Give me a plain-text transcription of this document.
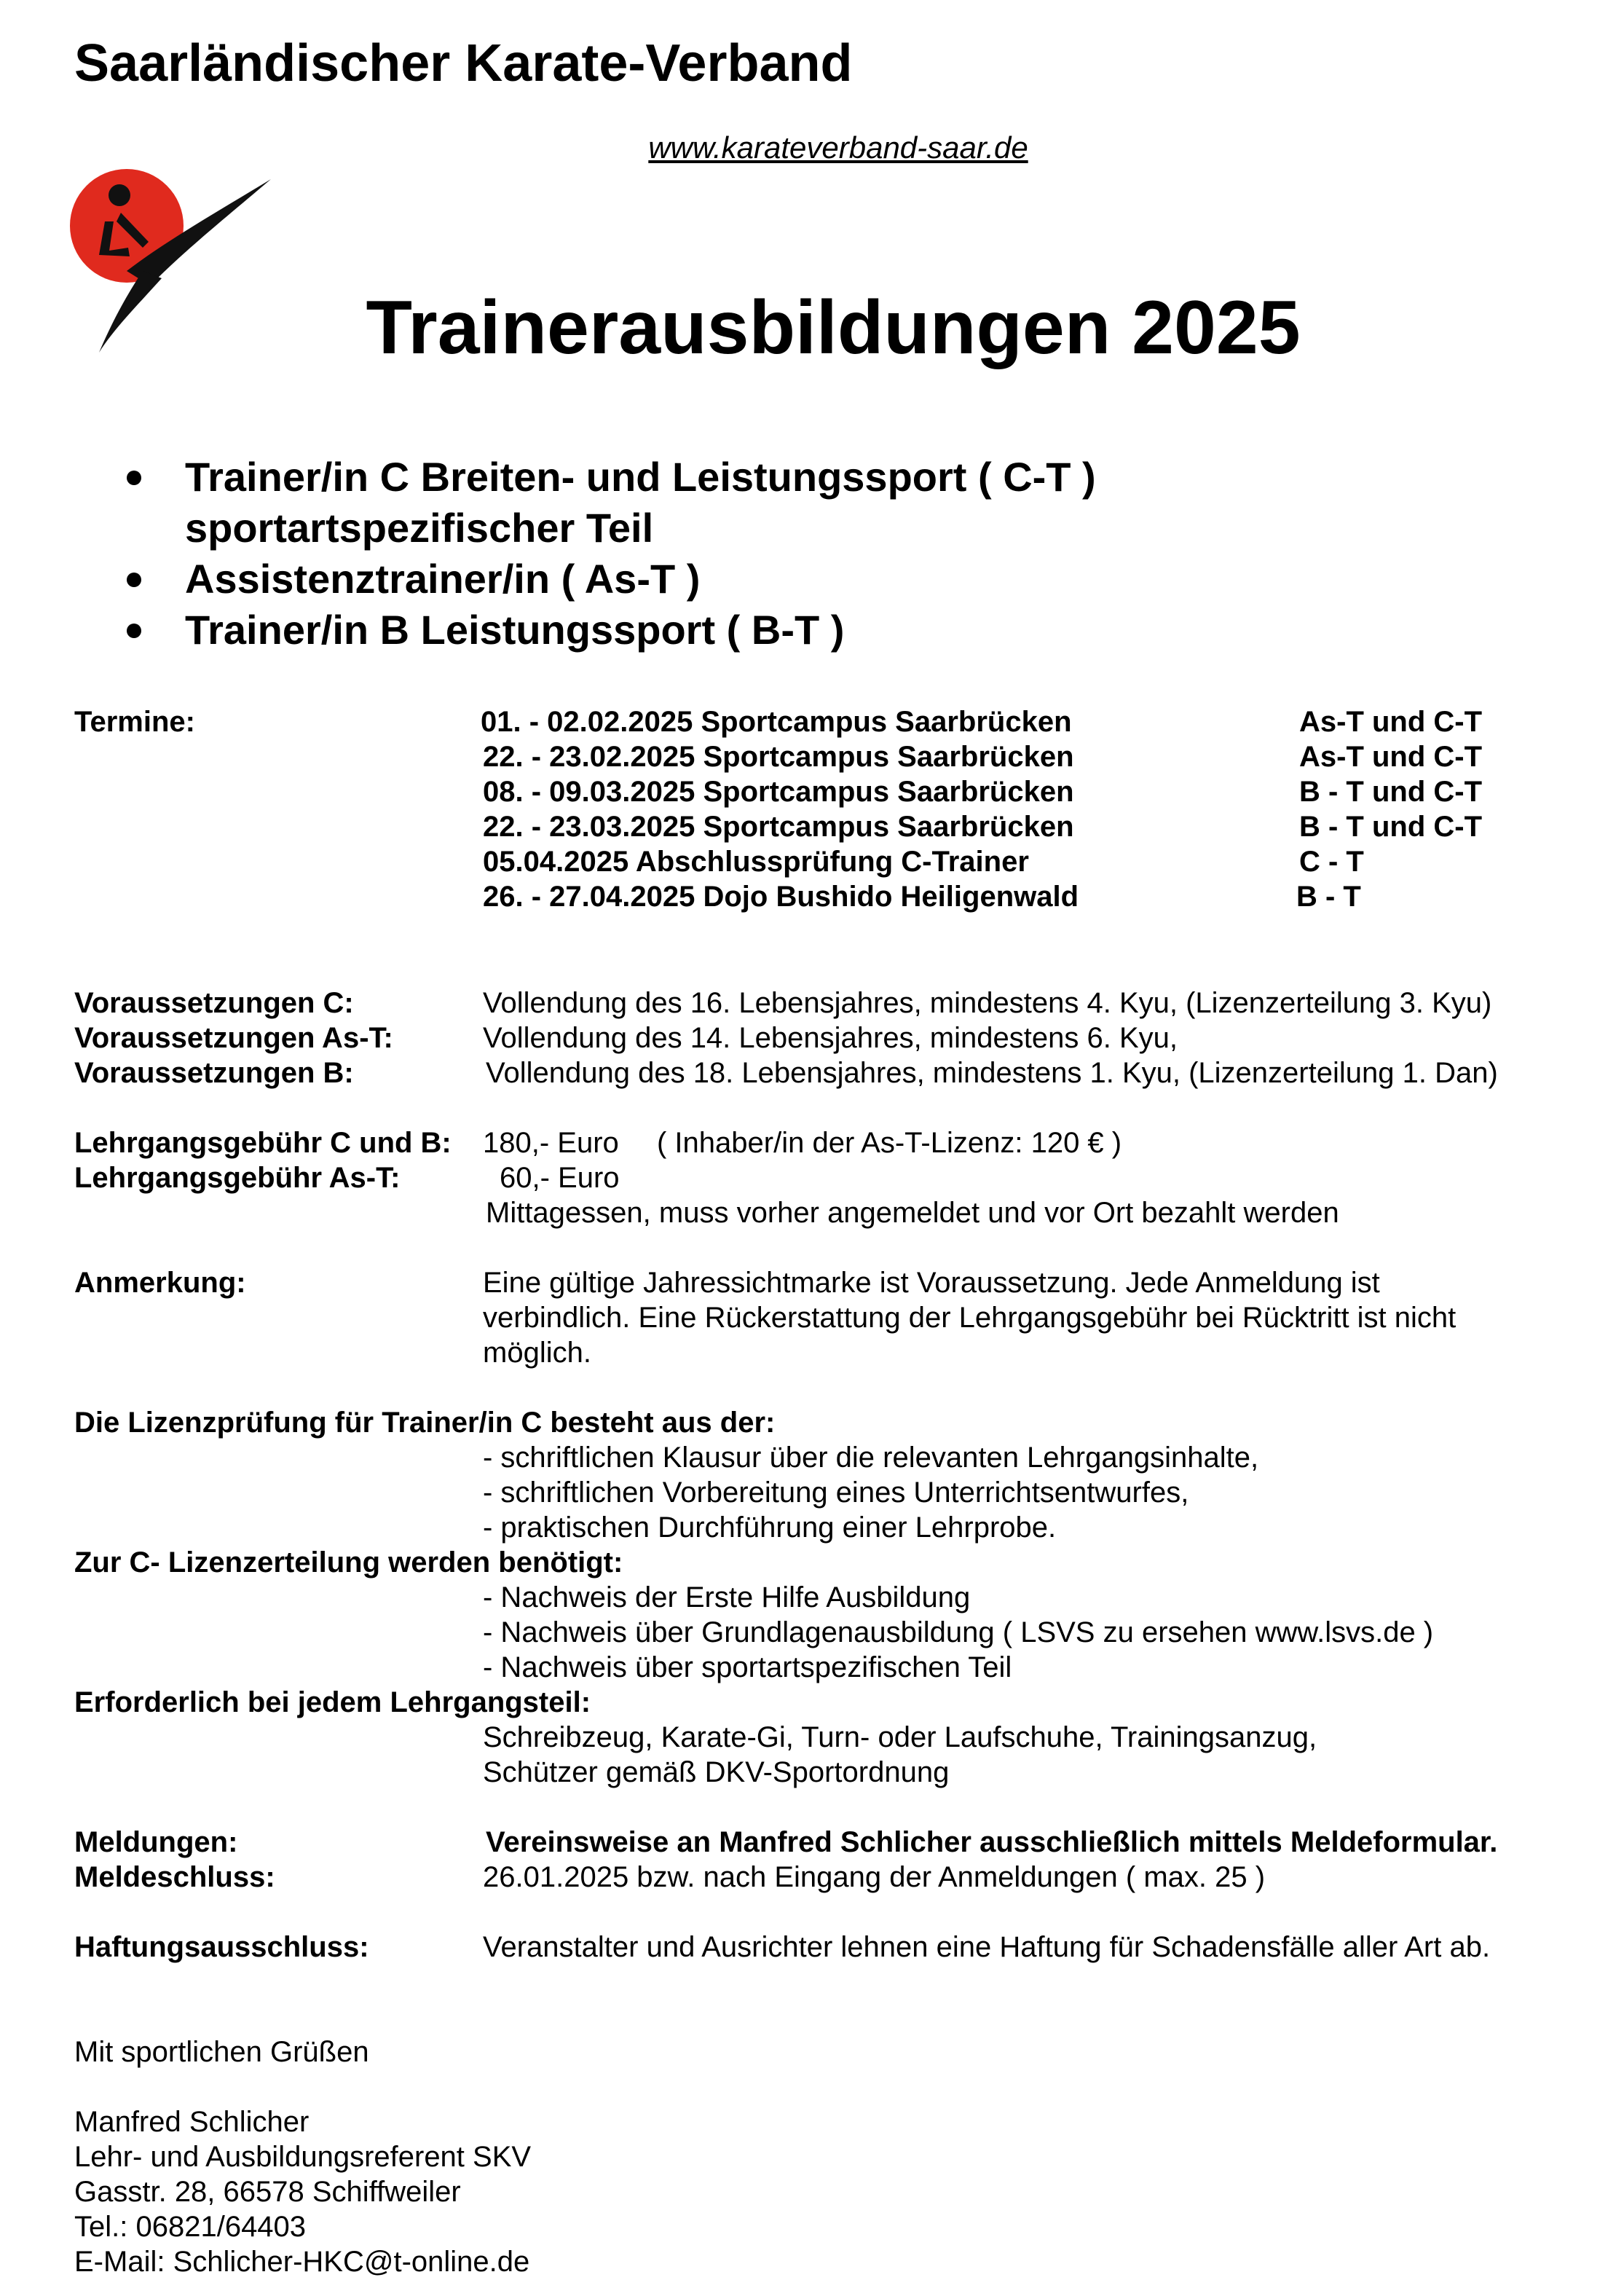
Saarländischer Karate-Verband
www.karateverband-saar.de
Trainerausbildungen 2025
Trainer/in C Breiten- und Leistungssport ( C-T )
sportartspezifischer Teil
Assistenztrainer/in ( As-T )
Trainer/in B Leistungssport ( B-T )
Termine:	01. - 02.02.2025 Sportcampus Saarbrücken	As-T und C-T
22. - 23.02.2025 Sportcampus Saarbrücken	As-T und C-T
08. - 09.03.2025 Sportcampus Saarbrücken	B - T und C-T
22. - 23.03.2025 Sportcampus Saarbrücken	B - T und C-T
05.04.2025 Abschlussprüfung C-Trainer	C - T
26. - 27.04.2025 Dojo Bushido Heiligenwald	B - T
Voraussetzungen C:	Vollendung des 16. Lebensjahres, mindestens 4. Kyu, (Lizenzerteilung 3. Kyu)
Voraussetzungen As-T:	Vollendung des 14. Lebensjahres, mindestens 6. Kyu,
Voraussetzungen B:	Vollendung des 18. Lebensjahres, mindestens 1. Kyu, (Lizenzerteilung 1. Dan)
Lehrgangsgebühr C und B: 180,- Euro ( Inhaber/in der As-T-Lizenz: 120 € )
Lehrgangsgebühr As-T:	60,- Euro
Mittagessen, muss vorher angemeldet und vor Ort bezahlt werden
Anmerkung:	Eine gültige Jahressichtmarke ist Voraussetzung. Jede Anmeldung ist
verbindlich. Eine Rückerstattung der Lehrgangsgebühr bei Rücktritt ist nicht
möglich.
Die Lizenzprüfung für Trainer/in C besteht aus der:
- schriftlichen Klausur über die relevanten Lehrgangsinhalte,
- schriftlichen Vorbereitung eines Unterrichtsentwurfes,
- praktischen Durchführung einer Lehrprobe.
Zur C- Lizenzerteilung werden benötigt:
- Nachweis der Erste Hilfe Ausbildung
- Nachweis über Grundlagenausbildung ( LSVS zu ersehen www.lsvs.de )
- Nachweis über sportartspezifischen Teil
Erforderlich bei jedem Lehrgangsteil:
Schreibzeug, Karate-Gi, Turn- oder Laufschuhe, Trainingsanzug,
Schützer gemäß DKV-Sportordnung
Meldungen:	Vereinsweise an Manfred Schlicher ausschließlich mittels Meldeformular.
Meldeschluss:	26.01.2025 bzw. nach Eingang der Anmeldungen ( max. 25 )
Haftungsausschluss:	Veranstalter und Ausrichter lehnen eine Haftung für Schadensfälle aller Art ab.
Mit sportlichen Grüßen
Manfred Schlicher
Lehr- und Ausbildungsreferent SKV
Gasstr. 28, 66578 Schiffweiler
Tel.: 06821/64403
E-Mail: Schlicher-HKC@t-online.de
